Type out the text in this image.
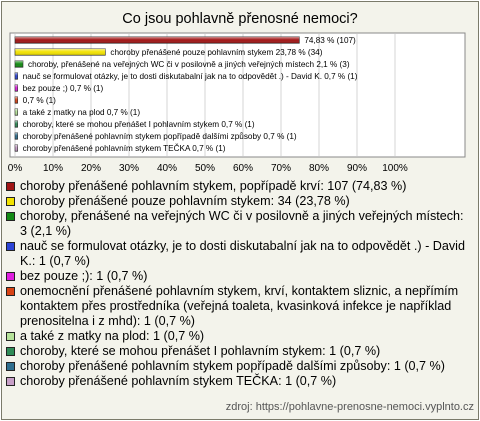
Co jsou pohlavně přenosné nemoci?
74,83 % (107)
choroby přenášené pouze pohlavním stykem 23,78 % (34)
choroby, přenášené na veřejných WC či v posilovně a jiných veřejných místech 2,1 % (3)
nauč se formulovat otázky, je to dosti diskutabalní jak na to odpovědět .) - David K. 0,7 % (1)
bez pouze ;) 0,7 % (1)
0,7 % (1)
a také z matky na plod 0,7 % (1)
choroby, které se mohou přenášet I pohlavním stykem 0,7 % (1)
choroby přenášené pohlavním stykem popřípadě dalšími způsoby 0,7 % (1)
choroby přenášené pohlavním stykem TEČKA 0,7 % (1)
0% 10% 20% 30% 40% 50% 60% 70% 80% 90% 100%
choroby přenášené pohlavním stykem, popřípadě krví: 107 (74,83 %)
choroby přenášené pouze pohlavním stykem: 34 (23,78 %)
choroby, přenášené na veřejných WC či v posilovně a jiných veřejných místech: 3 (2,1 %)
nauč se formulovat otázky, je to dosti diskutabalní jak na to odpovědět .) - David K.: 1 (0,7 %)
bez pouze ;): 1 (0,7 %)
onemocnění přenášené pohlavním stykem, krví, kontaktem sliznic, a nepřímím kontaktem přes prostředníka (veřejná toaleta, kvasinková infekce je například prenositelna i z mhd): 1 (0,7 %)
a také z matky na plod: 1 (0,7 %)
choroby, které se mohou přenášet I pohlavním stykem: 1 (0,7 %)
choroby přenášené pohlavním stykem popřípadě dalšími způsoby: 1 (0,7 %)
choroby přenášené pohlavním stykem TEČKA: 1 (0,7 %)
zdroj: https://pohlavne-prenosne-nemoci.vyplnto.cz
